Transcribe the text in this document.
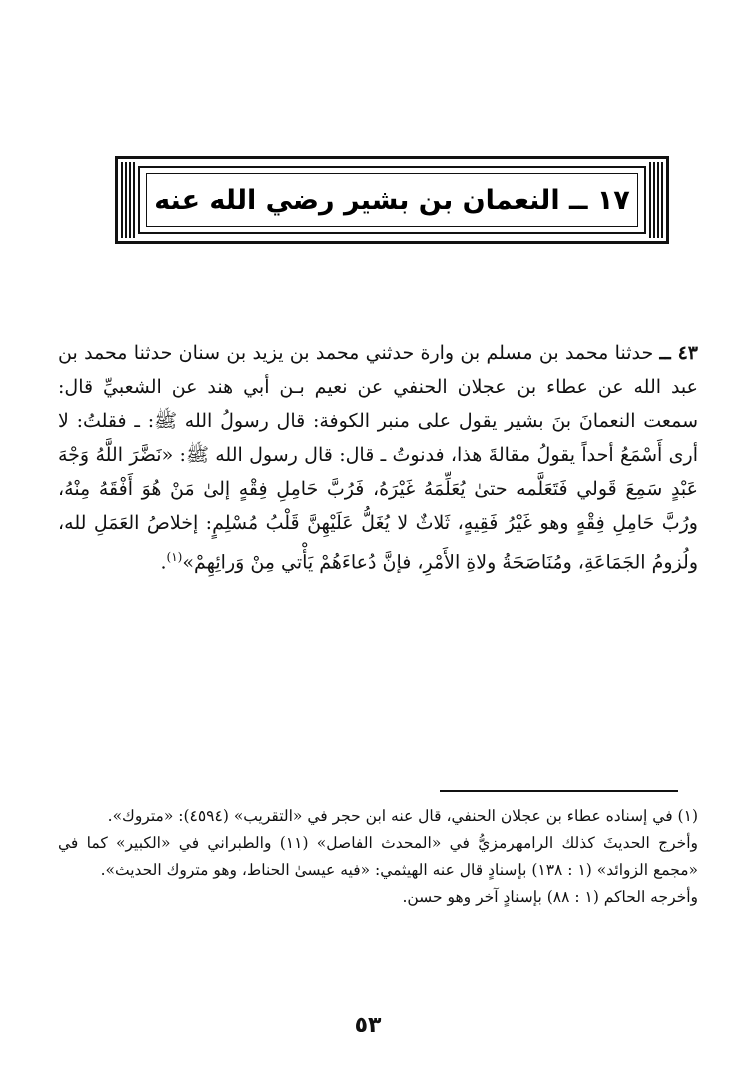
١٧ ــ النعمان بن بشير رضي الله عنه

٤٣ ــ حدثنا محمد بن مسلم بن وارة حدثني محمد بن يزيد بن سنان حدثنا محمد بن عبد الله عن عطاء بن عجلان الحنفي عن نعيم بـن أبي هند عن الشعبيِّ قال: سمعت النعمانَ بنَ بشير يقول على منبر الكوفة: قال رسولُ الله ﷺ: ـ فقلتُ: لا أرى أَسْمَعُ أحداً يقولُ مقالةَ هذا، فدنوتُ ـ قال: قال رسول الله ﷺ: «نَضَّرَ اللَّهُ وَجْهَ عَبْدٍ سَمِعَ قَولي فَتَعَلَّمه حتىٰ يُعَلِّمَهُ غَيْرَهُ، فَرُبَّ حَامِلِ فِقْهٍ إلىٰ مَنْ هُوَ أَفْقَهُ مِنْهُ، ورُبَّ حَامِلِ فِقْهٍ وهو غَيْرُ فَقِيهٍ، ثَلاثٌ لا يُغَلُّ عَلَيْهِنَّ قَلْبُ مُسْلِمٍ: إخلاصُ العَمَلِ لله، ولُزومُ الجَمَاعَةِ، ومُنَاصَحَةُ ولاةِ الأَمْرِ، فإنَّ دُعاءَهُمْ يَأْتي مِنْ وَرائِهِمْ»$^{(١)}$.

(١) في إسناده عطاء بن عجلان الحنفي، قال عنه ابن حجر في «التقريب» (٤٥٩٤): «متروك».

وأخرج الحديثَ كذلك الرامهرمزيُّ في «المحدث الفاصل» (١١) والطبراني في «الكبير» كما في «مجمع الزوائد» (١ : ١٣٨) بإسنادٍ قال عنه الهيثمي: «فيه عيسىٰ الحناط، وهو متروك الحديث».

وأخرجه الحاكم (١ : ٨٨) بإسنادٍ آخر وهو حسن.

٥٣
